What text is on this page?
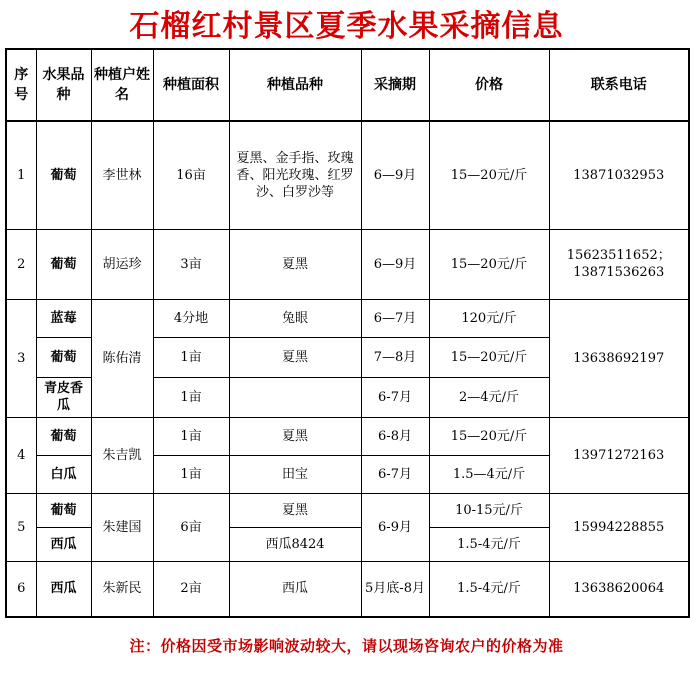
石榴红村景区夏季水果采摘信息
序号	水果品种	种植户姓名	种植面积	种植品种	采摘期	价格	联系电话
1	葡萄	李世林	16亩	夏黑、金手指、玫瑰香、阳光玫瑰、红罗沙、白罗沙等	6—9月	15—20元/斤	13871032953
2	葡萄	胡运珍	3亩	夏黑	6—9月	15—20元/斤	15623511652；
13871536263
3	蓝莓	陈佑清	4分地	兔眼	6—7月	120元/斤	13638692197
	葡萄		1亩	夏黑	7—8月	15—20元/斤	
	青皮香瓜		1亩		6-7月	2—4元/斤	
4	葡萄	朱吉凯	1亩	夏黑	6-8月	15—20元/斤	13971272163
	白瓜		1亩	田宝	6-7月	1.5—4元/斤	
5	葡萄	朱建国	6亩	夏黑	6-9月	10-15元/斤	15994228855
	西瓜			西瓜8424		1.5-4元/斤	
6	西瓜	朱新民	2亩	西瓜	5月底-8月	1.5-4元/斤	13638620064
注：价格因受市场影响波动较大，请以现场咨询农户的价格为准
